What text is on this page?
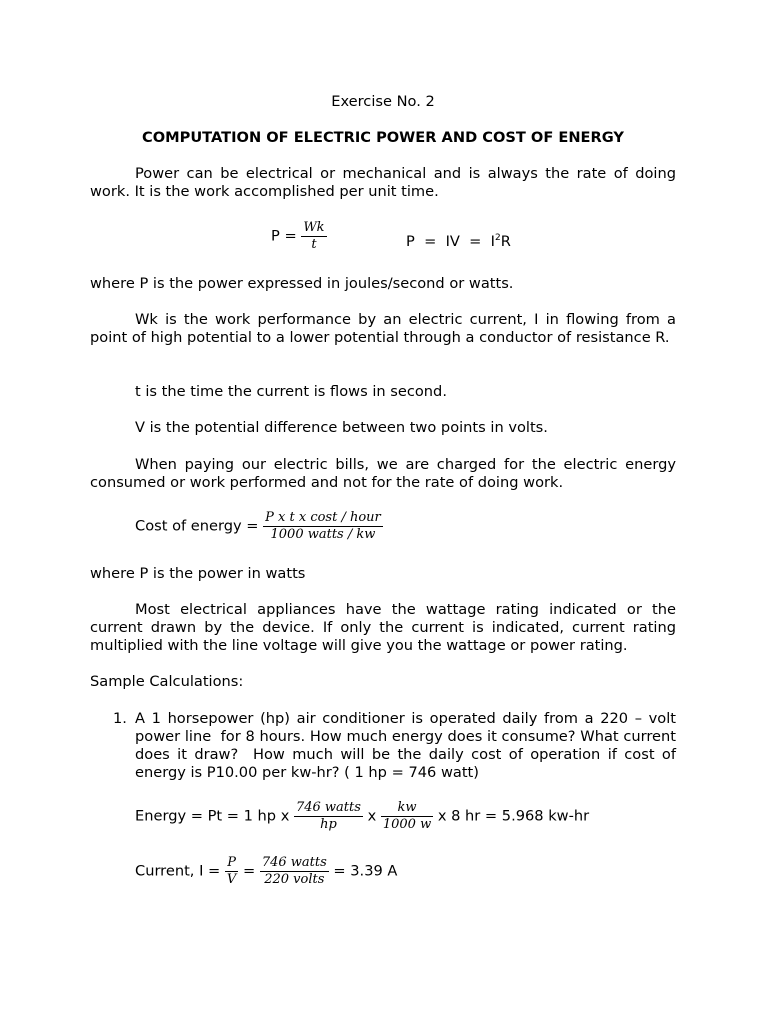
Exercise No. 2
COMPUTATION OF ELECTRIC POWER AND COST OF ENERGY

Power can be electrical or mechanical and is always the rate of doing work. It is the work accomplished per unit time.

$P = \frac{Wk}{t}$	P  =  IV  =  $I^2R$

where P is the power expressed in joules/second or watts.

Wk is the work performance by an electric current, I in flowing from a point of high potential to a lower potential through a conductor of resistance R.

t is the time the current is flows in second.

V is the potential difference between two points in volts.

When paying our electric bills, we are charged for the electric energy consumed or work performed and not for the rate of doing work.

Cost of energy = $\frac{\text{P x t x cost / hour}}{\text{1000 watts / kw}}$

where P is the power in watts

Most electrical appliances have the wattage rating indicated or the current drawn by the device. If only the current is indicated, current rating multiplied with the line voltage will give you the wattage or power rating.

Sample Calculations:

1. A 1 horsepower (hp) air conditioner is operated daily from a 220 – volt power line  for 8 hours. How much energy does it consume? What current does it draw?  How much will be the daily cost of operation if cost of energy is P10.00 per kw-hr? ( 1 hp = 746 watt)

Energy = Pt = 1 hp x $\frac{\text{746 watts}}{hp}$ x $\frac{kw}{1000 w}$ x 8 hr = 5.968 kw-hr
Current, $I = \frac{P}{V} = \frac{\text{746 watts}}{\text{220 volts}} = 3.39$ A
